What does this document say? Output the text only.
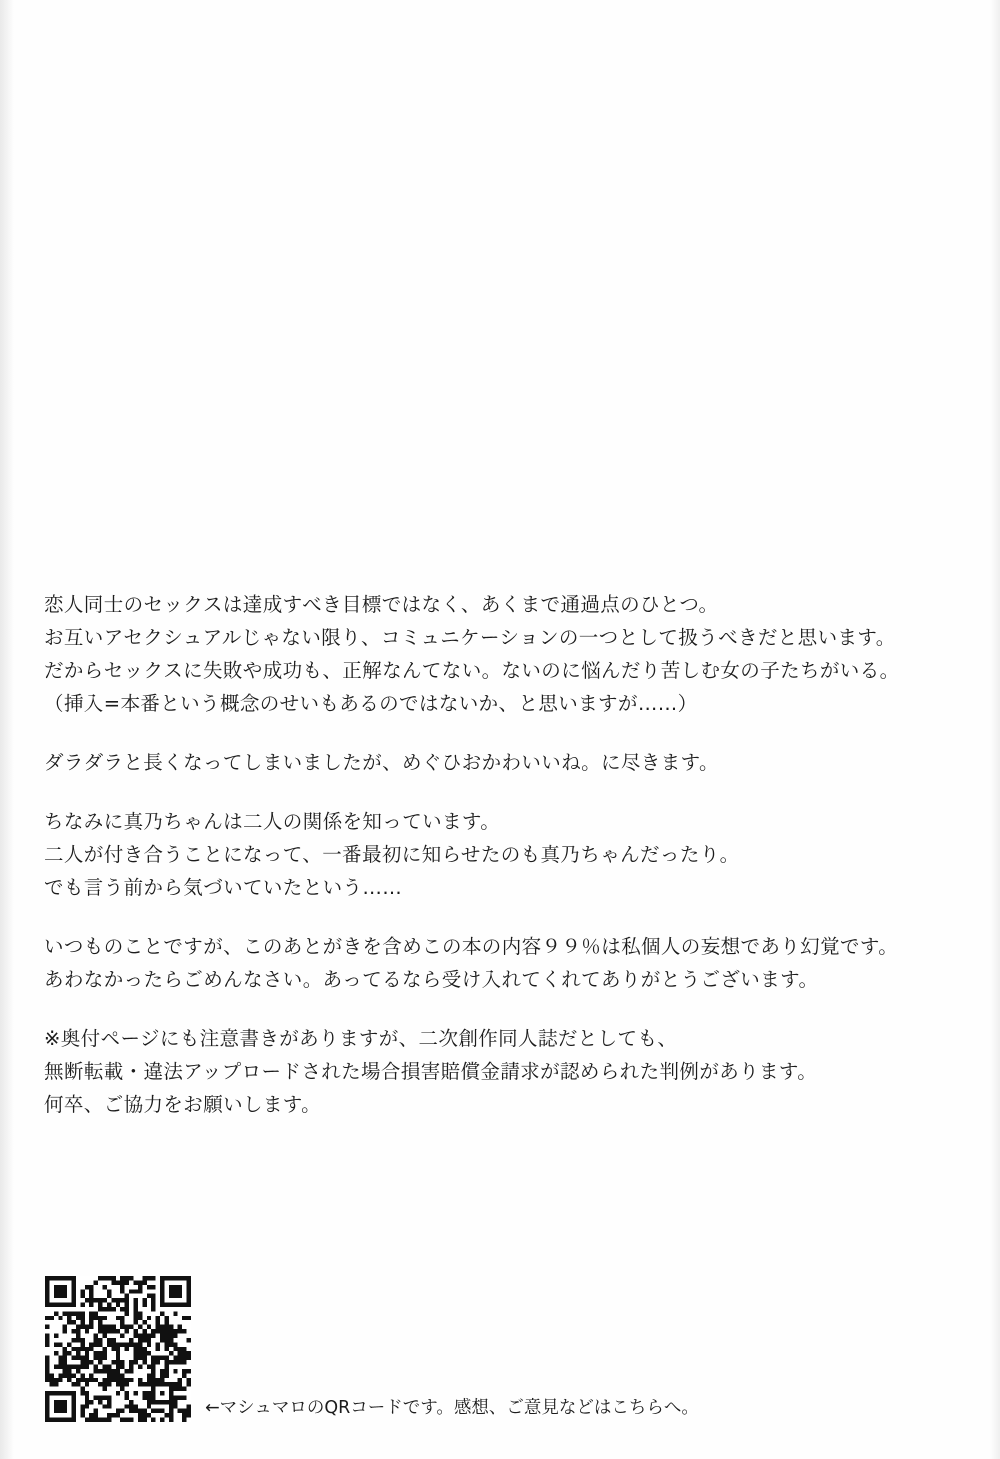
恋人同士のセックスは達成すべき目標ではなく、あくまで通過点のひとつ。
お互いアセクシュアルじゃない限り、コミュニケーションの一つとして扱うべきだと思います。
だからセックスに失敗や成功も、正解なんてない。ないのに悩んだり苦しむ女の子たちがいる。
（挿入=本番という概念のせいもあるのではないか、と思いますが……）
ダラダラと長くなってしまいましたが、めぐひおかわいいね。に尽きます。
ちなみに真乃ちゃんは二人の関係を知っています。
二人が付き合うことになって、一番最初に知らせたのも真乃ちゃんだったり。
でも言う前から気づいていたという……
いつものことですが、このあとがきを含めこの本の内容９９％は私個人の妄想であり幻覚です。
あわなかったらごめんなさい。あってるなら受け入れてくれてありがとうございます。
※奥付ページにも注意書きがありますが、二次創作同人誌だとしても、
無断転載・違法アップロードされた場合損害賠償金請求が認められた判例があります。
何卒、ご協力をお願いします。
←マシュマロのQRコードです。感想、ご意見などはこちらへ。
